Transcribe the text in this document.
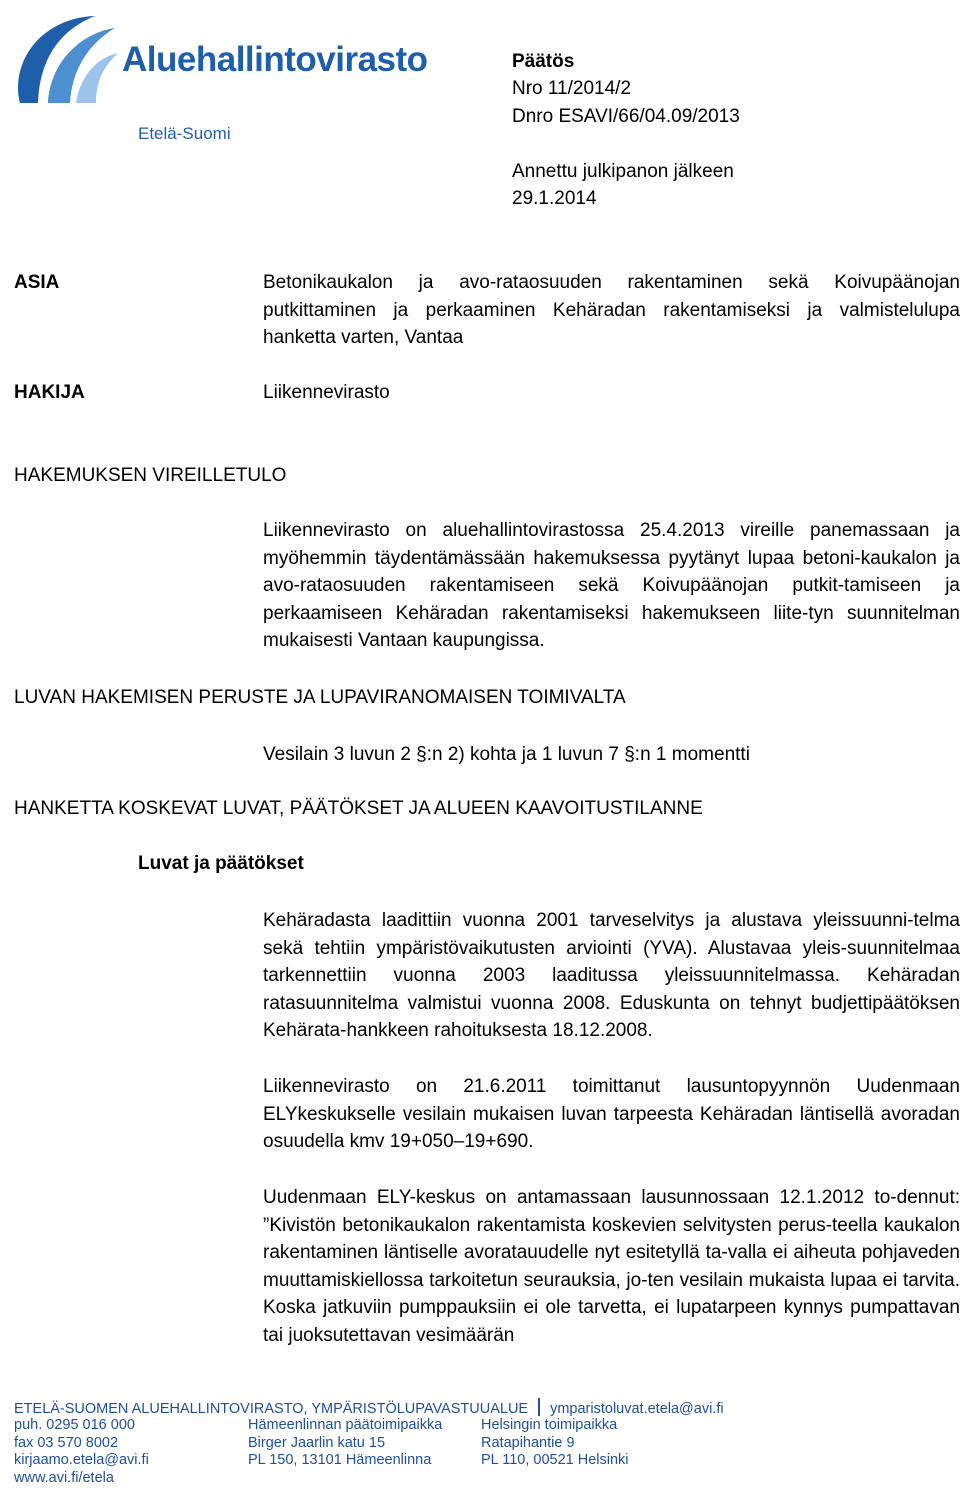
Aluehallintovirasto
Etelä-Suomi
Päätös
Nro 11/2014/2
Dnro ESAVI/66/04.09/2013
Annettu julkipanon jälkeen
29.1.2014
ASIA	Betonikaukalon ja avo-rataosuuden rakentaminen sekä Koivupäänojan putkittaminen ja perkaaminen Kehäradan rakentamiseksi ja valmistelulupa hanketta varten, Vantaa
HAKIJA	Liikennevirasto
HAKEMUKSEN VIREILLETULO
Liikennevirasto on aluehallintovirastossa 25.4.2013 vireille panemassaan ja myöhemmin täydentämässään hakemuksessa pyytänyt lupaa betoni-kaukalon ja avo-rataosuuden rakentamiseen sekä Koivupäänojan putkit-tamiseen ja perkaamiseen Kehäradan rakentamiseksi hakemukseen liite-tyn suunnitelman mukaisesti Vantaan kaupungissa.
LUVAN HAKEMISEN PERUSTE JA LUPAVIRANOMAISEN TOIMIVALTA
Vesilain 3 luvun 2 §:n 2) kohta ja 1 luvun 7 §:n 1 momentti
HANKETTA KOSKEVAT LUVAT, PÄÄTÖKSET JA ALUEEN KAAVOITUSTILANNE
Luvat ja päätökset
Kehäradasta laadittiin vuonna 2001 tarveselvitys ja alustava yleissuunni-telma sekä tehtiin ympäristövaikutusten arviointi (YVA). Alustavaa yleis-suunnitelmaa tarkennettiin vuonna 2003 laaditussa yleissuunnitelmassa. Kehäradan ratasuunnitelma valmistui vuonna 2008. Eduskunta on tehnyt budjettipäätöksen Kehärata-hankkeen rahoituksesta 18.12.2008.
Liikennevirasto on 21.6.2011 toimittanut lausuntopyynnön Uudenmaan ELYkeskukselle vesilain mukaisen luvan tarpeesta Kehäradan läntisellä avoradan osuudella kmv 19+050–19+690.
Uudenmaan ELY-keskus on antamassaan lausunnossaan 12.1.2012 to-dennut: ”Kivistön betonikaukalon rakentamista koskevien selvitysten perus-teella kaukalon rakentaminen läntiselle avoratauudelle nyt esitetyllä ta-valla ei aiheuta pohjaveden muuttamiskiellossa tarkoitetun seurauksia, jo-ten vesilain mukaista lupaa ei tarvita. Koska jatkuviin pumppauksiin ei ole tarvetta, ei lupatarpeen kynnys pumpattavan tai juoksutettavan vesimäärän
ETELÄ-SUOMEN ALUEHALLINTOVIRASTO, YMPÄRISTÖLUPAVASTUUALUE ymparistoluvat.etela@avi.fi
puh. 0295 016 000
fax 03 570 8002
kirjaamo.etela@avi.fi
www.avi.fi/etela
Hämeenlinnan päätoimipaikka
Birger Jaarlin katu 15
PL 150, 13101 Hämeenlinna
Helsingin toimipaikka
Ratapihantie 9
PL 110, 00521 Helsinki
